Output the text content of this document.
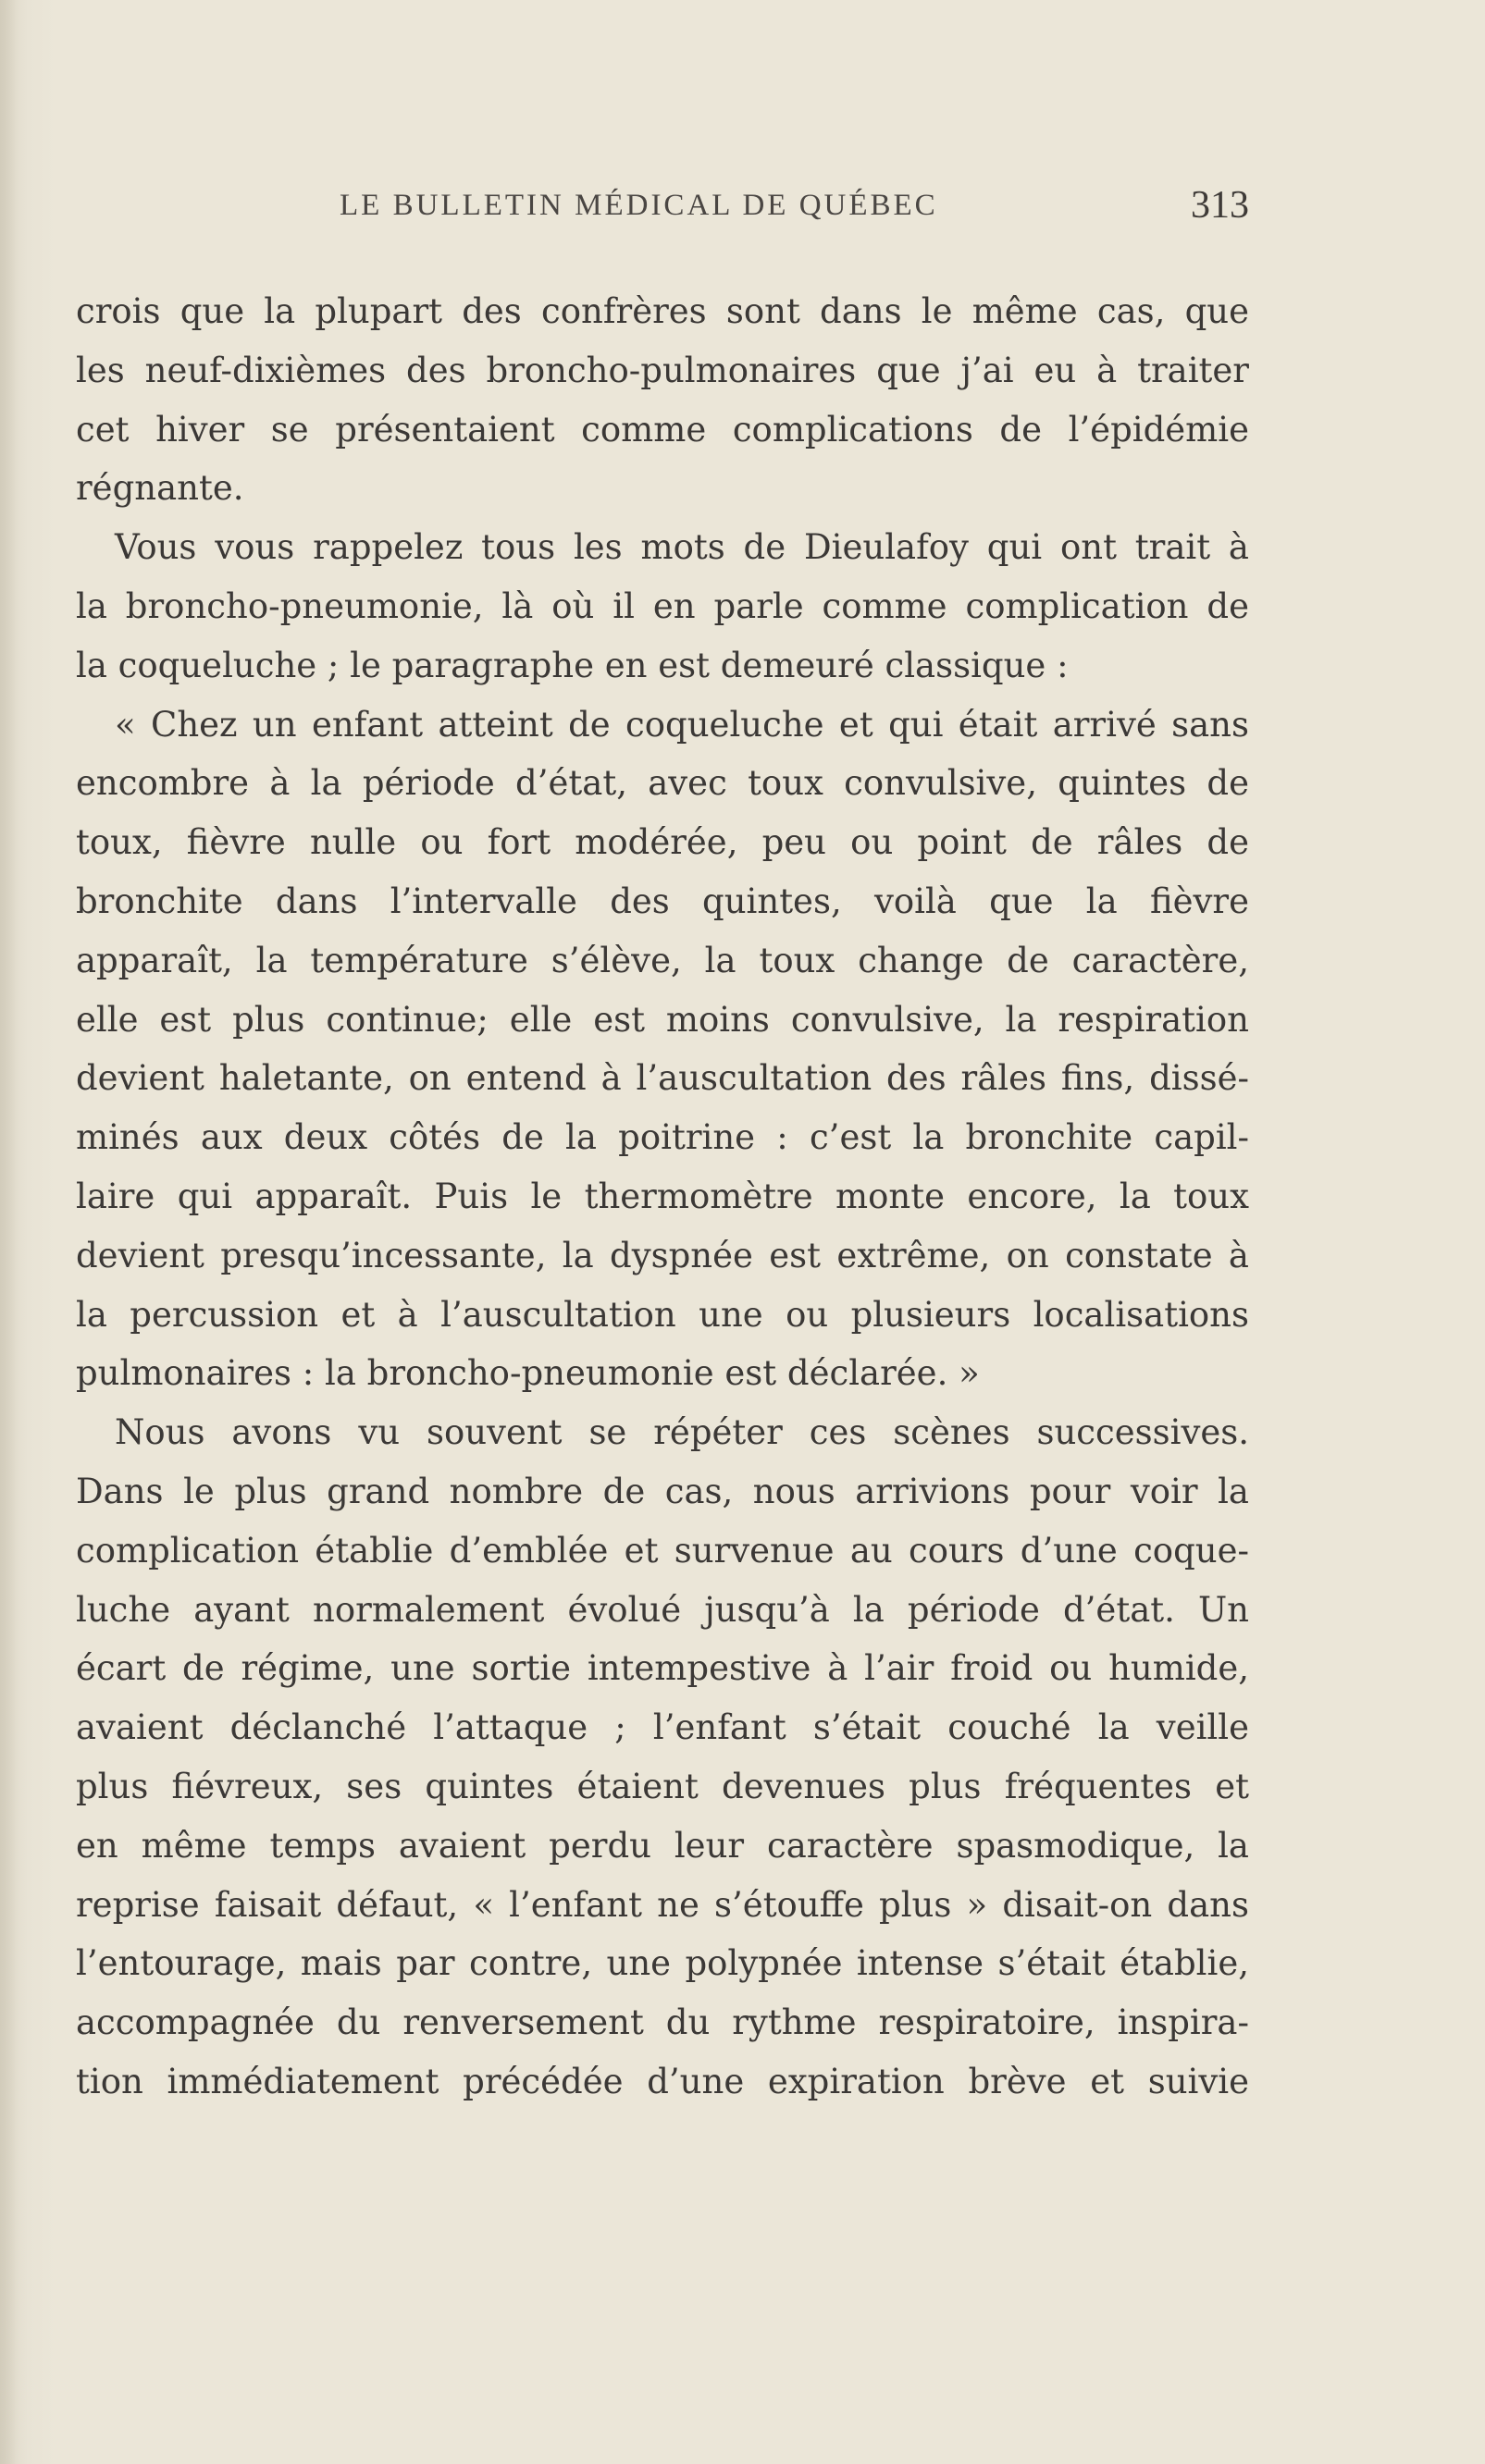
LE BULLETIN MÉDICAL DE QUÉBEC	313
crois que la plupart des confrères sont dans le même cas, que
les neuf-dixièmes des broncho-pulmonaires que j’ai eu à traiter
cet hiver se présentaient comme complications de l’épidémie
régnante.
Vous vous rappelez tous les mots de Dieulafoy qui ont trait à
la broncho-pneumonie, là où il en parle comme complication de
la coqueluche ; le paragraphe en est demeuré classique :
« Chez un enfant atteint de coqueluche et qui était arrivé sans
encombre à la période d’état, avec toux convulsive, quintes de
toux, fièvre nulle ou fort modérée, peu ou point de râles de
bronchite dans l’intervalle des quintes, voilà que la fièvre
apparaît, la température s’élève, la toux change de caractère,
elle est plus continue; elle est moins convulsive, la respiration
devient haletante, on entend à l’auscultation des râles fins, dissé-
minés aux deux côtés de la poitrine : c’est la bronchite capil-
laire qui apparaît. Puis le thermomètre monte encore, la toux
devient presqu’incessante, la dyspnée est extrême, on constate à
la percussion et à l’auscultation une ou plusieurs localisations
pulmonaires : la broncho-pneumonie est déclarée. »
Nous avons vu souvent se répéter ces scènes successives.
Dans le plus grand nombre de cas, nous arrivions pour voir la
complication établie d’emblée et survenue au cours d’une coque-
luche ayant normalement évolué jusqu’à la période d’état. Un
écart de régime, une sortie intempestive à l’air froid ou humide,
avaient déclanché l’attaque ; l’enfant s’était couché la veille
plus fiévreux, ses quintes étaient devenues plus fréquentes et
en même temps avaient perdu leur caractère spasmodique, la
reprise faisait défaut, « l’enfant ne s’étouffe plus » disait-on dans
l’entourage, mais par contre, une polypnée intense s’était établie,
accompagnée du renversement du rythme respiratoire, inspira-
tion immédiatement précédée d’une expiration brève et suivie
